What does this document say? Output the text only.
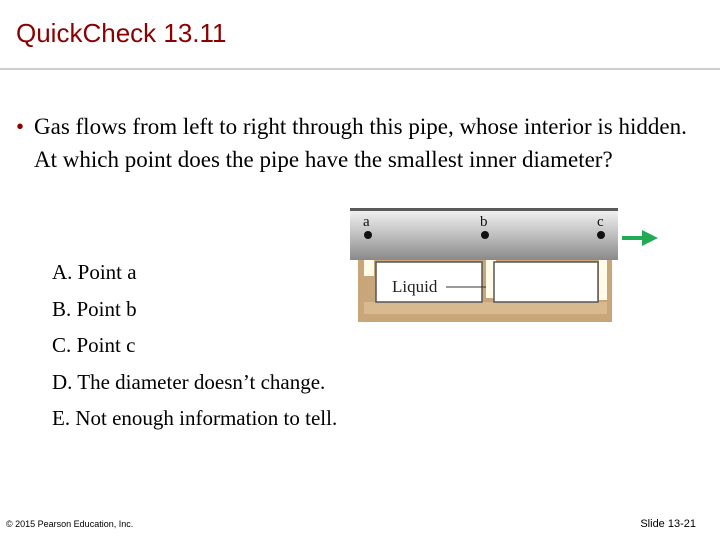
QuickCheck 13.11
• Gas flows from left to right through this pipe, whose interior is hidden. At which point does the pipe have the smallest inner diameter?
A. Point a
B. Point b
C. Point c
D. The diameter doesn’t change.
E. Not enough information to tell.
a	b	c
Liquid
© 2015 Pearson Education, Inc.	Slide 13-21
